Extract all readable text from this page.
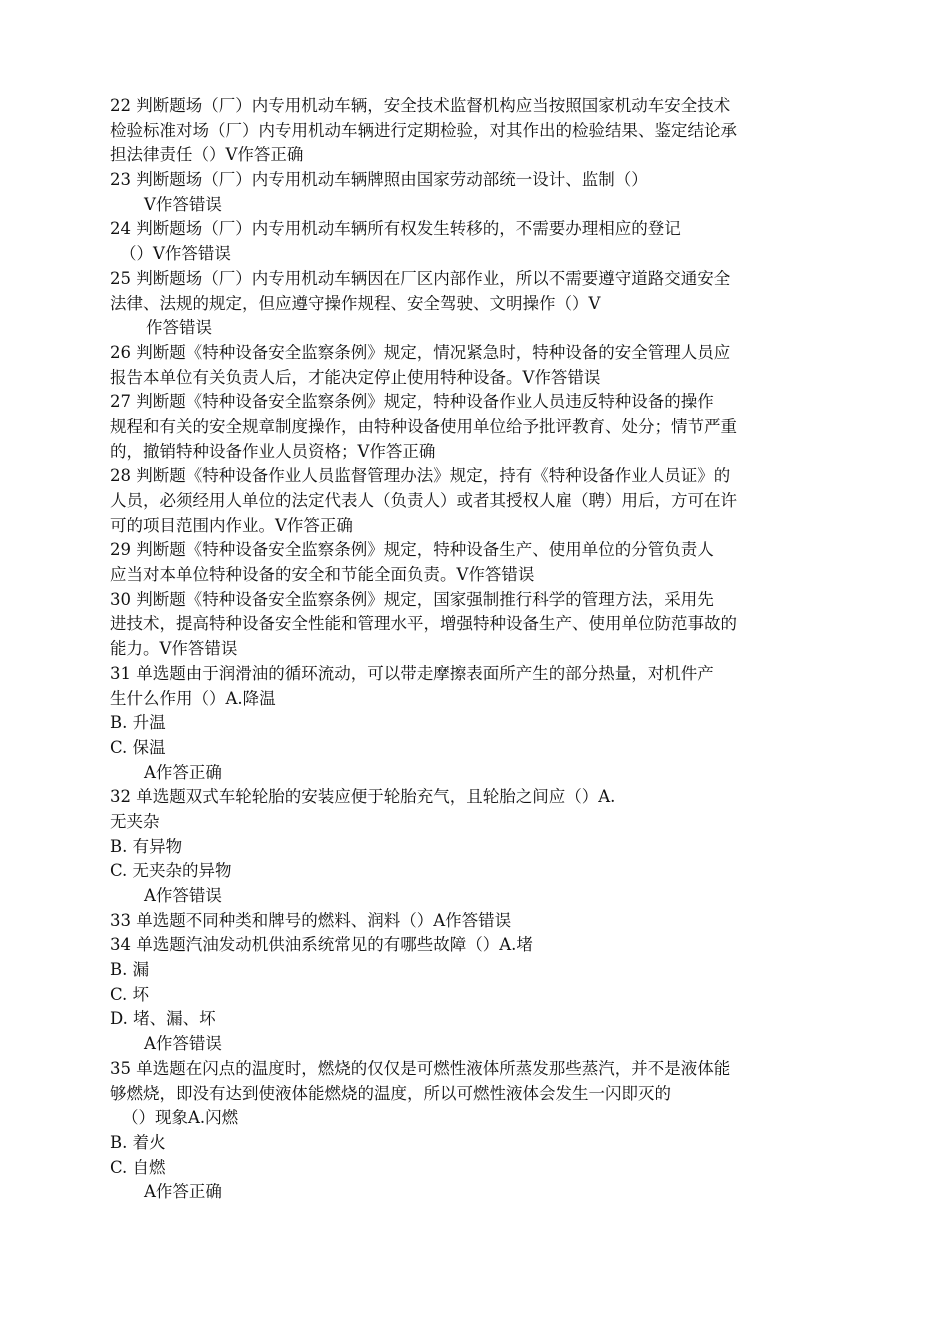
22 判断题场（厂）内专用机动车辆，安全技术监督机构应当按照国家机动车安全技术
检验标准对场（厂）内专用机动车辆进行定期检验，对其作出的检验结果、鉴定结论承
担法律责任（）V作答正确
23 判断题场（厂）内专用机动车辆牌照由国家劳动部统一设计、监制（）
V作答错误
24 判断题场（厂）内专用机动车辆所有权发生转移的，不需要办理相应的登记
（）V作答错误
25 判断题场（厂）内专用机动车辆因在厂区内部作业，所以不需要遵守道路交通安全
法律、法规的规定，但应遵守操作规程、安全驾驶、文明操作（）V
作答错误
26 判断题《特种设备安全监察条例》规定，情况紧急时，特种设备的安全管理人员应
报告本单位有关负责人后，才能决定停止使用特种设备。V作答错误
27 判断题《特种设备安全监察条例》规定，特种设备作业人员违反特种设备的操作
规程和有关的安全规章制度操作，由特种设备使用单位给予批评教育、处分；情节严重
的，撤销特种设备作业人员资格；V作答正确
28 判断题《特种设备作业人员监督管理办法》规定，持有《特种设备作业人员证》的
人员，必须经用人单位的法定代表人（负责人）或者其授权人雇（聘）用后，方可在许
可的项目范围内作业。V作答正确
29 判断题《特种设备安全监察条例》规定，特种设备生产、使用单位的分管负责人
应当对本单位特种设备的安全和节能全面负责。V作答错误
30 判断题《特种设备安全监察条例》规定，国家强制推行科学的管理方法，采用先
进技术，提高特种设备安全性能和管理水平，增强特种设备生产、使用单位防范事故的
能力。V作答错误
31 单选题由于润滑油的循环流动，可以带走摩擦表面所产生的部分热量，对机件产
生什么作用（）A.降温
B. 升温
C. 保温
A作答正确
32 单选题双式车轮轮胎的安装应便于轮胎充气，且轮胎之间应（）A.
无夹杂
B. 有异物
C. 无夹杂的异物
A作答错误
33 单选题不同种类和牌号的燃料、润料（）A作答错误
34 单选题汽油发动机供油系统常见的有哪些故障（）A.堵
B. 漏
C. 坏
D. 堵、漏、坏
A作答错误
35 单选题在闪点的温度时，燃烧的仅仅是可燃性液体所蒸发那些蒸汽，并不是液体能
够燃烧，即没有达到使液体能燃烧的温度，所以可燃性液体会发生一闪即灭的
（）现象A.闪燃
B. 着火
C. 自燃
A作答正确
